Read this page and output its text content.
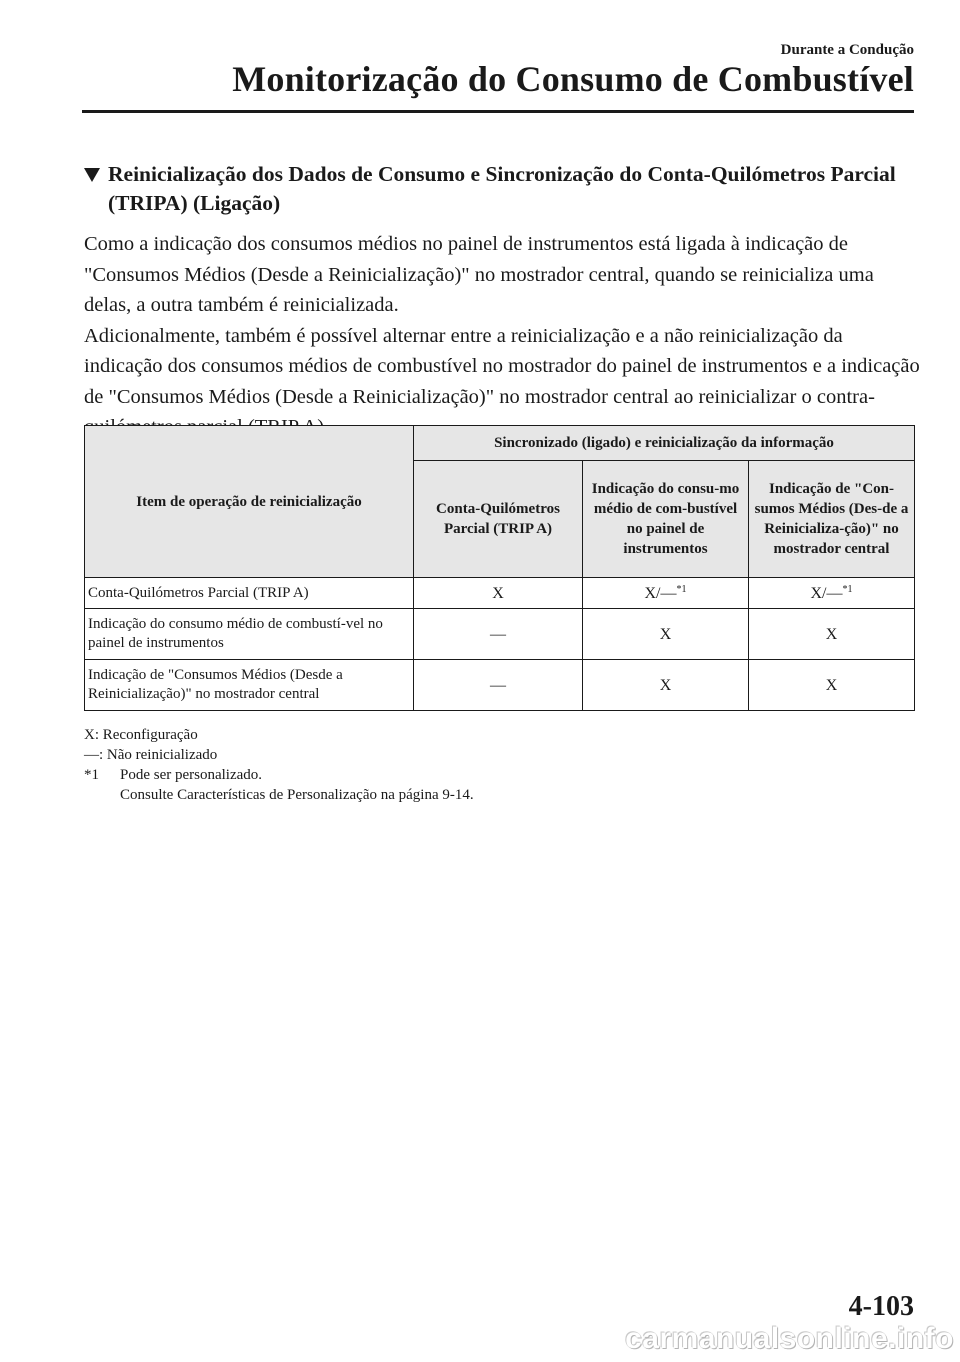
Durante a Condução
Monitorização do Consumo de Combustível
Reinicialização dos Dados de Consumo e Sincronização do Conta-Quilómetros Parcial (TRIPA) (Ligação)

Como a indicação dos consumos médios no painel de instrumentos está ligada à indicação de "Consumos Médios (Desde a Reinicialização)" no mostrador central, quando se reinicializa uma delas, a outra também é reinicializada.

Adicionalmente, também é possível alternar entre a reinicialização e a não reinicialização da indicação dos consumos médios de combustível no mostrador do painel de instrumentos e a indicação de "Consumos Médios (Desde a Reinicialização)" no mostrador central ao reinicializar o contra-

Item de operação de reinicialização	Sincronizado (ligado) e reinicialização da informação		
	Conta-Quilómetros Parcial (TRIP A)	Indicação do consu-mo médio de com-bustível no painel de instrumentos	Indicação de "Con-sumos Médios (Des-de a Reinicializa-ção)" no mostrador central
Conta-Quilómetros Parcial (TRIP A)	X	X/—$^{*1}$	X/—$^{*1}$
Indicação do consumo médio de combustí-vel no painel de instrumentos	—	X	X
Indicação de "Consumos Médios (Desde a Reinicialização)" no mostrador central	—	X	X
X: Reconfiguração
—: Não reinicializado
*1 Pode ser personalizado.
Consulte Características de Personalização na página 9-14.
4-103
carmanualsonline.info
